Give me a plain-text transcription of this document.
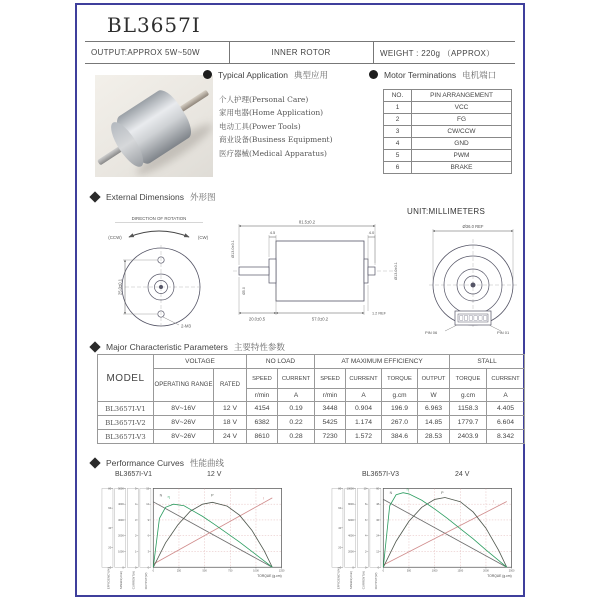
BL3657I
OUTPUT:APPROX 5W~50W	INNER ROTOR	WEIGHT : 220g （APPROX）
Typical Application 典型应用
个人护理(Personal Care)
家用电器(Home Application)
电动工具(Power Tools)
商业设备(Business Equipment)
医疗器械(Medical Apparatus)
Motor Terminations 电机端口
NO.	PIN ARRANGEMENT
1	VCC
2	FG
3	CW/CCW
4	GND
5	PWM
6	BRAKE
External Dimensions 外形图
UNIT:MILLIMETERS
DIRECTION OF ROTATION
(CCW)	(CW)
25.0±0.1
2-M3
81.5±0.2
4.5	4.0
20.0±0.5	57.0±0.2
1.2 REF
Ø13.0±0.1
Ø13.0±0.1
Ø5.0
Ø36.0 REF
PIN 06	PIN 01
Major Characteristic Parameters 主要特性参数
MODEL	VOLTAGE		NO LOAD		AT MAXIMUM EFFICIENCY				STALL	
	OPERATING RANGE	RATED	SPEED	CURRENT	SPEED	CURRENT	TORQUE	OUTPUT	TORQUE	CURRENT
			r/min	A	r/min	A	g.cm	W	g.cm	A
BL3657I-V1	8V~16V	12 V	4154	0.19	3448	0.904	196.9	6.963	1158.3	4.405
BL3657I-V2	8V~26V	18 V	6382	0.22	5425	1.174	267.0	14.85	1779.7	6.604
BL3657I-V3	8V~26V	24 V	8610	0.28	7230	1.572	384.6	28.53	2403.9	8.342
Performance Curves 性能曲线
BL3657I-V1	12 V	BL3657I-V3	24 V
0
20
40
60
80
EFFICIENCY(%)	0
1000
2000
3000
4000
5000
SPEED(r/min)
0
1
2
3
4
5
CURRENT(A)
0
3
6
9
12
15
OUTPUT(W)
0	250	500	750	1000	1250
TORQUE (g.cm)
N
I
P
η
0
20
40
60
80
EFFICIENCY(%)	0
2000
4000
6000
8000
10000
SPEED(r/min)
0
2
4
6
8
10
CURRENT(A)
0
12
24
36
48
60
OUTPUT(W)
0	500	1000	1500	2000	2500
TORQUE (g.cm)
N
I
P
η
